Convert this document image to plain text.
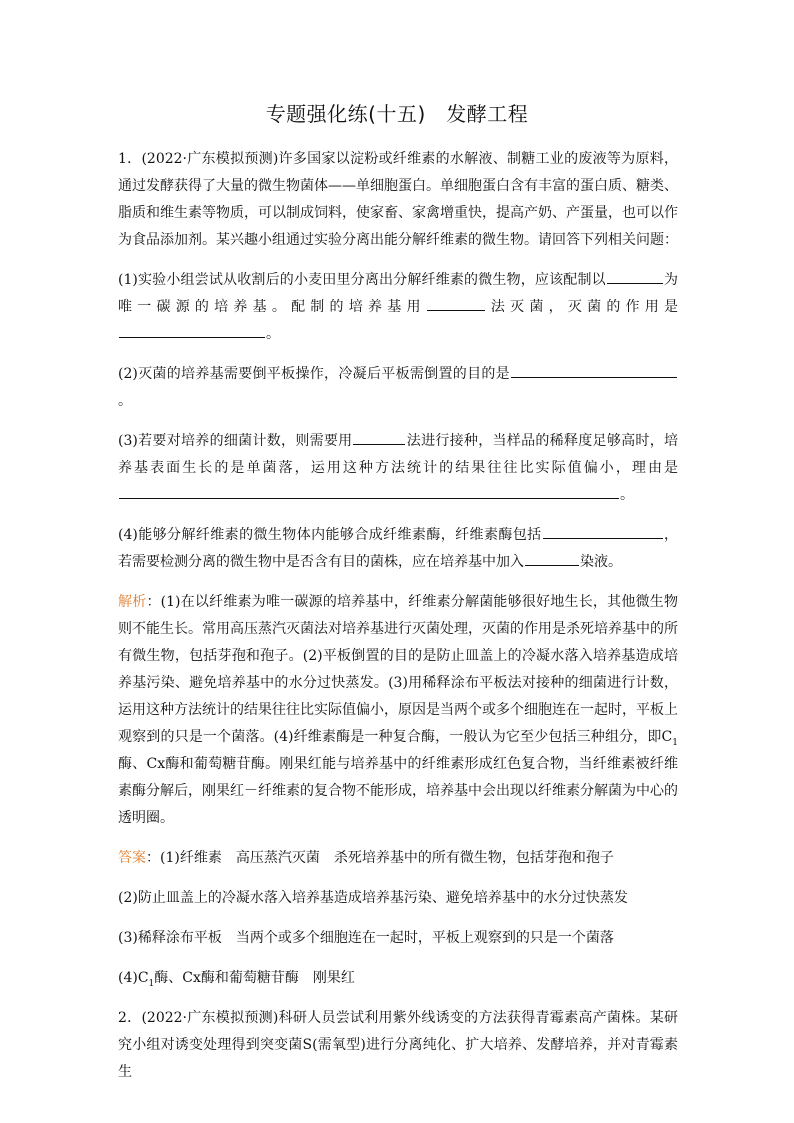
专题强化练(十五)　发酵工程

1．(2022·广东模拟预测)许多国家以淀粉或纤维素的水解液、制糖工业的废液等为原料，通过发酵获得了大量的微生物菌体——单细胞蛋白。单细胞蛋白含有丰富的蛋白质、糖类、脂质和维生素等物质，可以制成饲料，使家畜、家禽增重快，提高产奶、产蛋量，也可以作为食品添加剂。某兴趣小组通过实验分离出能分解纤维素的微生物。请回答下列相关问题：

(1)实验小组尝试从收割后的小麦田里分离出分解纤维素的微生物，应该配制以	为唯一碳源的培养基。配制的培养基用	法灭菌，灭菌的作用是。

(2)灭菌的培养基需要倒平板操作，冷凝后平板需倒置的目的是。

(3)若要对培养的细菌计数，则需要用	法进行接种，当样品的稀释度足够高时，培养基表面生长的是单菌落，运用这种方法统计的结果往往比实际值偏小，理由是。

(4)能够分解纤维素的微生物体内能够合成纤维素酶，纤维素酶包括	，若需要检测分离的微生物中是否含有目的菌株，应在培养基中加入	染液。

解析：(1)在以纤维素为唯一碳源的培养基中，纤维素分解菌能够很好地生长，其他微生物则不能生长。常用高压蒸汽灭菌法对培养基进行灭菌处理，灭菌的作用是杀死培养基中的所有微生物，包括芽孢和孢子。(2)平板倒置的目的是防止皿盖上的冷凝水落入培养基造成培养基污染、避免培养基中的水分过快蒸发。(3)用稀释涂布平板法对接种的细菌进行计数，运用这种方法统计的结果往往比实际值偏小，原因是当两个或多个细胞连在一起时，平板上观察到的只是一个菌落。(4)纤维素酶是一种复合酶，一般认为它至少包括三种组分，即$C_1$酶、Cx酶和葡萄糖苷酶。刚果红能与培养基中的纤维素形成红色复合物，当纤维素被纤维素酶分解后，刚果红－纤维素的复合物不能形成，培养基中会出现以纤维素分解菌为中心的透明圈。

答案：(1)纤维素　高压蒸汽灭菌　杀死培养基中的所有微生物，包括芽孢和孢子

(2)防止皿盖上的冷凝水落入培养基造成培养基污染、避免培养基中的水分过快蒸发

(3)稀释涂布平板　当两个或多个细胞连在一起时，平板上观察到的只是一个菌落

$(4)C_1$酶、Cx酶和葡萄糖苷酶　刚果红

2．(2022·广东模拟预测)科研人员尝试利用紫外线诱变的方法获得青霉素高产菌株。某研究小组对诱变处理得到突变菌S(需氧型)进行分离纯化、扩大培养、发酵培养，并对青霉素生
